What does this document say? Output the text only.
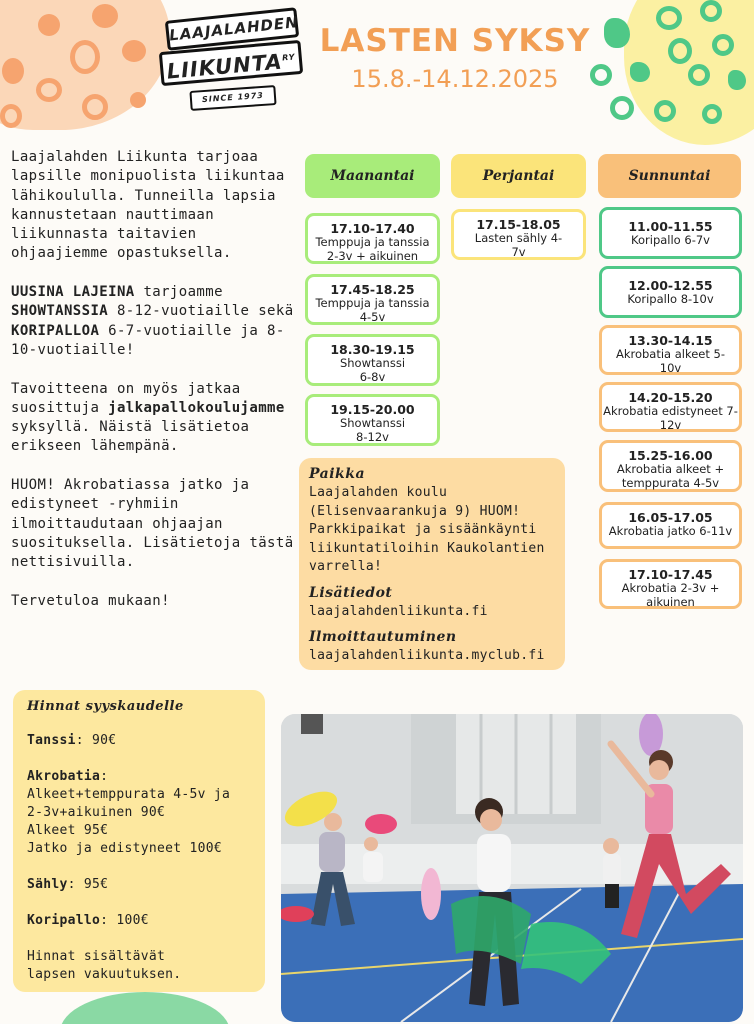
LAAJALAHDEN
$LIIKUNTA^{RY}$
SINCE 1973
LASTEN SYKSY
15.8.-14.12.2025

Laajalahden Liikunta tarjoaa lapsille monipuolista liikuntaa lähikoululla. Tunneilla lapsia kannustetaan nauttimaan liikunnasta taitavien ohjaajiemme opastuksella.

UUSINA LAJEINA tarjoamme SHOWTANSSIA 8-12-vuotiaille sekä KORIPALLOA 6-7-vuotiaille ja 8-10-vuotiaille!

Tavoitteena on myös jatkaa suosittuja jalkapallokoulujamme syksyllä. Näistä lisätietoa erikseen lähempänä.

HUOM! Akrobatiassa jatko ja edistyneet -ryhmiin ilmoittaudutaan ohjaajan suosituksella. Lisätietoja tästä nettisivuilla.

Tervetuloa mukaan!

Maanantai	Perjantai	Sunnuntai
17.10-17.40
Temppuja ja tanssia 2-3v + aikuinen
17.45-18.25
Temppuja ja tanssia 4-5v
18.30-19.15
Showtanssi 6-8v
19.15-20.00
Showtanssi 8-12v
17.15-18.05
Lasten sähly 4-7v
11.00-11.55
Koripallo 6-7v
12.00-12.55
Koripallo 8-10v
13.30-14.15
Akrobatia alkeet 5-10v
14.20-15.20
Akrobatia edistyneet 7-12v
15.25-16.00
Akrobatia alkeet + temppurata 4-5v
16.05-17.05
Akrobatia jatko 6-11v
17.10-17.45
Akrobatia 2-3v + aikuinen
Paikka

Laajalahden koulu (Elisenvaarankuja 9) HUOM! Parkkipaikat ja sisäänkäynti liikuntatiloihin Kaukolantien varrella!

Lisätiedot

laajalahdenliikunta.fi

Ilmoittautuminen

laajalahdenliikunta.myclub.fi

Hinnat syyskaudelle

Tanssi: 90€

Akrobatia:
Alkeet+temppurata 4-5v ja 2-3v+aikuinen 90€
Alkeet 95€
Jatko ja edistyneet 100€

Sähly: 95€

Koripallo: 100€

Hinnat sisältävät lapsen vakuutuksen.
